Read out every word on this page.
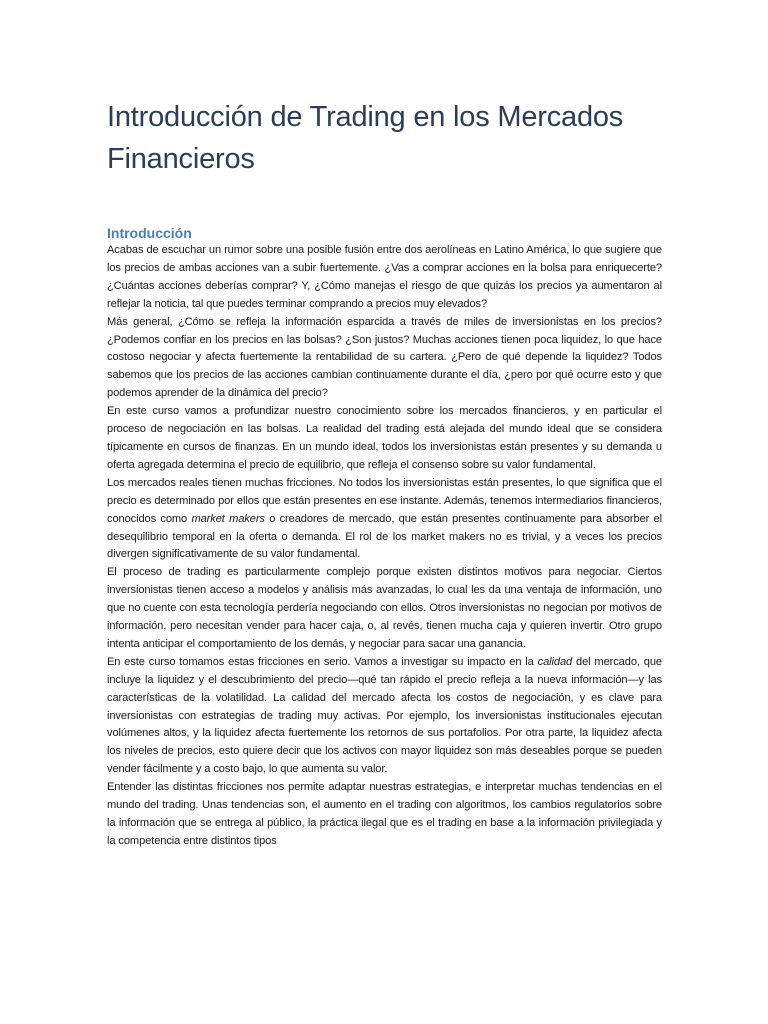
Introducción de Trading en los Mercados Financieros
Introducción

Acabas de escuchar un rumor sobre una posible fusión entre dos aerolíneas en Latino América, lo que sugiere que los precios de ambas acciones van a subir fuertemente. ¿Vas a comprar acciones en la bolsa para enriquecerte? ¿Cuántas acciones deberías comprar? Y, ¿Cómo manejas el riesgo de que quizás los precios ya aumentaron al reflejar la noticia, tal que puedes terminar comprando a precios muy elevados?

Más general, ¿Cómo se refleja la información esparcida a través de miles de inversionistas en los precios? ¿Podemos confiar en los precios en las bolsas? ¿Son justos? Muchas acciones tienen poca liquidez, lo que hace costoso negociar y afecta fuertemente la rentabilidad de su cartera. ¿Pero de qué depende la liquidez? Todos sabemos que los precios de las acciones cambian continuamente durante el día, ¿pero por qué ocurre esto y que podemos aprender de la dinámica del precio?

En este curso vamos a profundizar nuestro conocimiento sobre los mercados financieros, y en particular el proceso de negociación en las bolsas. La realidad del trading está alejada del mundo ideal que se considera típicamente en cursos de finanzas. En un mundo ideal, todos los inversionistas están presentes y su demanda u oferta agregada determina el precio de equilibrio, que refleja el consenso sobre su valor fundamental.

Los mercados reales tienen muchas fricciones. No todos los inversionistas están presentes, lo que significa que el precio es determinado por ellos que están presentes en ese instante. Además, tenemos intermediarios financieros, conocidos como market makers o creadores de mercado, que están presentes continuamente para absorber el desequilibrio temporal en la oferta o demanda. El rol de los market makers no es trivial, y a veces los precios divergen significativamente de su valor fundamental.

El proceso de trading es particularmente complejo porque existen distintos motivos para negociar. Ciertos inversionistas tienen acceso a modelos y análisis más avanzadas, lo cual les da una ventaja de información, uno que no cuente con esta tecnología perdería negociando con ellos. Otros inversionistas no negocian por motivos de información, pero necesitan vender para hacer caja, o, al revés, tienen mucha caja y quieren invertir. Otro grupo intenta anticipar el comportamiento de los demás, y negociar para sacar una ganancia.

En este curso tomamos estas fricciones en serio. Vamos a investigar su impacto en la calidad del mercado, que incluye la liquidez y el descubrimiento del precio—qué tan rápido el precio refleja a la nueva información—y las características de la volatilidad. La calidad del mercado afecta los costos de negociación, y es clave para inversionistas con estrategias de trading muy activas. Por ejemplo, los inversionistas institucionales ejecutan volúmenes altos, y la liquidez afecta fuertemente los retornos de sus portafolios. Por otra parte, la liquidez afecta los niveles de precios, esto quiere decir que los activos con mayor liquidez son más deseables porque se pueden vender fácilmente y a costo bajo, lo que aumenta su valor.

Entender las distintas fricciones nos permite adaptar nuestras estrategias, e interpretar muchas tendencias en el mundo del trading. Unas tendencias son, el aumento en el trading con algoritmos, los cambios regulatorios sobre la información que se entrega al público, la práctica ilegal que es el trading en base a la información privilegiada y la competencia entre distintos tipos
